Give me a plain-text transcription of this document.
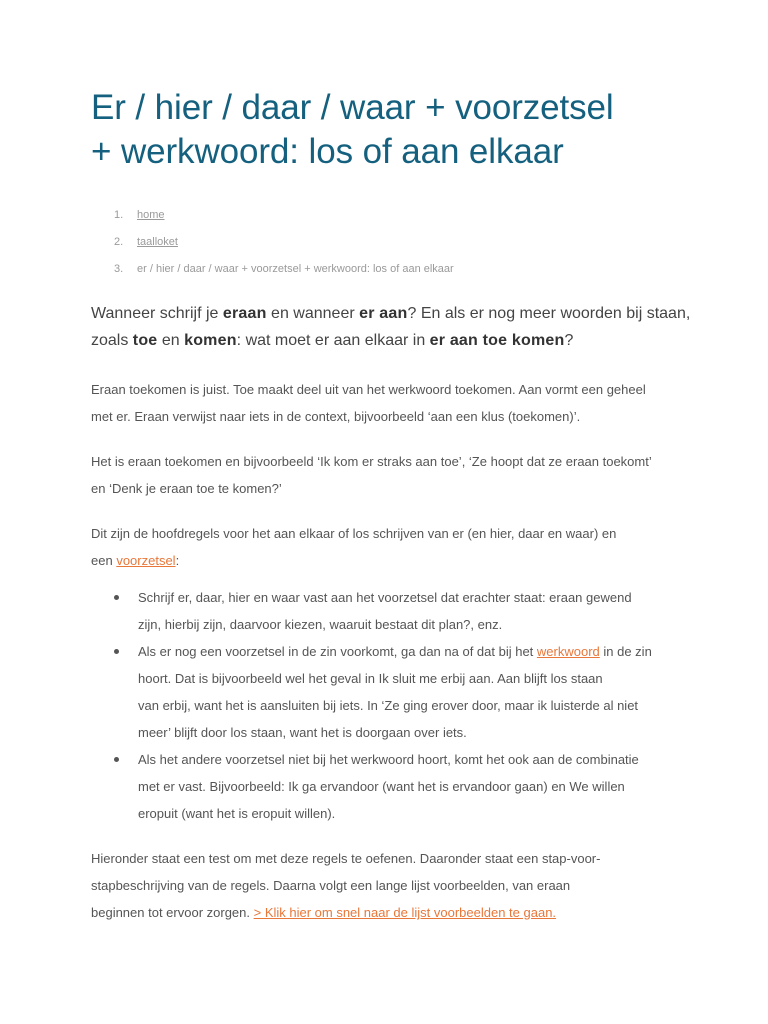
Er / hier / daar / waar + voorzetsel
+ werkwoord: los of aan elkaar
1.	home
2.	taalloket
3.	er / hier / daar / waar + voorzetsel + werkwoord: los of aan elkaar

Wanneer schrijf je eraan en wanneer er aan? En als er nog meer woorden bij staan,
zoals toe en komen: wat moet er aan elkaar in er aan toe komen?

Eraan toekomen is juist. Toe maakt deel uit van het werkwoord toekomen. Aan vormt een geheel
met er. Eraan verwijst naar iets in de context, bijvoorbeeld ‘aan een klus (toekomen)’.

Het is eraan toekomen en bijvoorbeeld ‘Ik kom er straks aan toe’, ‘Ze hoopt dat ze eraan toekomt’
en ‘Denk je eraan toe te komen?’

Dit zijn de hoofdregels voor het aan elkaar of los schrijven van er (en hier, daar en waar) en
een voorzetsel:

Schrijf er, daar, hier en waar vast aan het voorzetsel dat erachter staat: eraan gewend
zijn, hierbij zijn, daarvoor kiezen, waaruit bestaat dit plan?, enz.
Als er nog een voorzetsel in de zin voorkomt, ga dan na of dat bij het werkwoord in de zin
hoort. Dat is bijvoorbeeld wel het geval in Ik sluit me erbij aan. Aan blijft los staan
van erbij, want het is aansluiten bij iets. In ‘Ze ging erover door, maar ik luisterde al niet
meer’ blijft door los staan, want het is doorgaan over iets.
Als het andere voorzetsel niet bij het werkwoord hoort, komt het ook aan de combinatie
met er vast. Bijvoorbeeld: Ik ga ervandoor (want het is ervandoor gaan) en We willen
eropuit (want het is eropuit willen).

Hieronder staat een test om met deze regels te oefenen. Daaronder staat een stap-voor-
stapbeschrijving van de regels. Daarna volgt een lange lijst voorbeelden, van eraan
beginnen tot ervoor zorgen. > Klik hier om snel naar de lijst voorbeelden te gaan.
